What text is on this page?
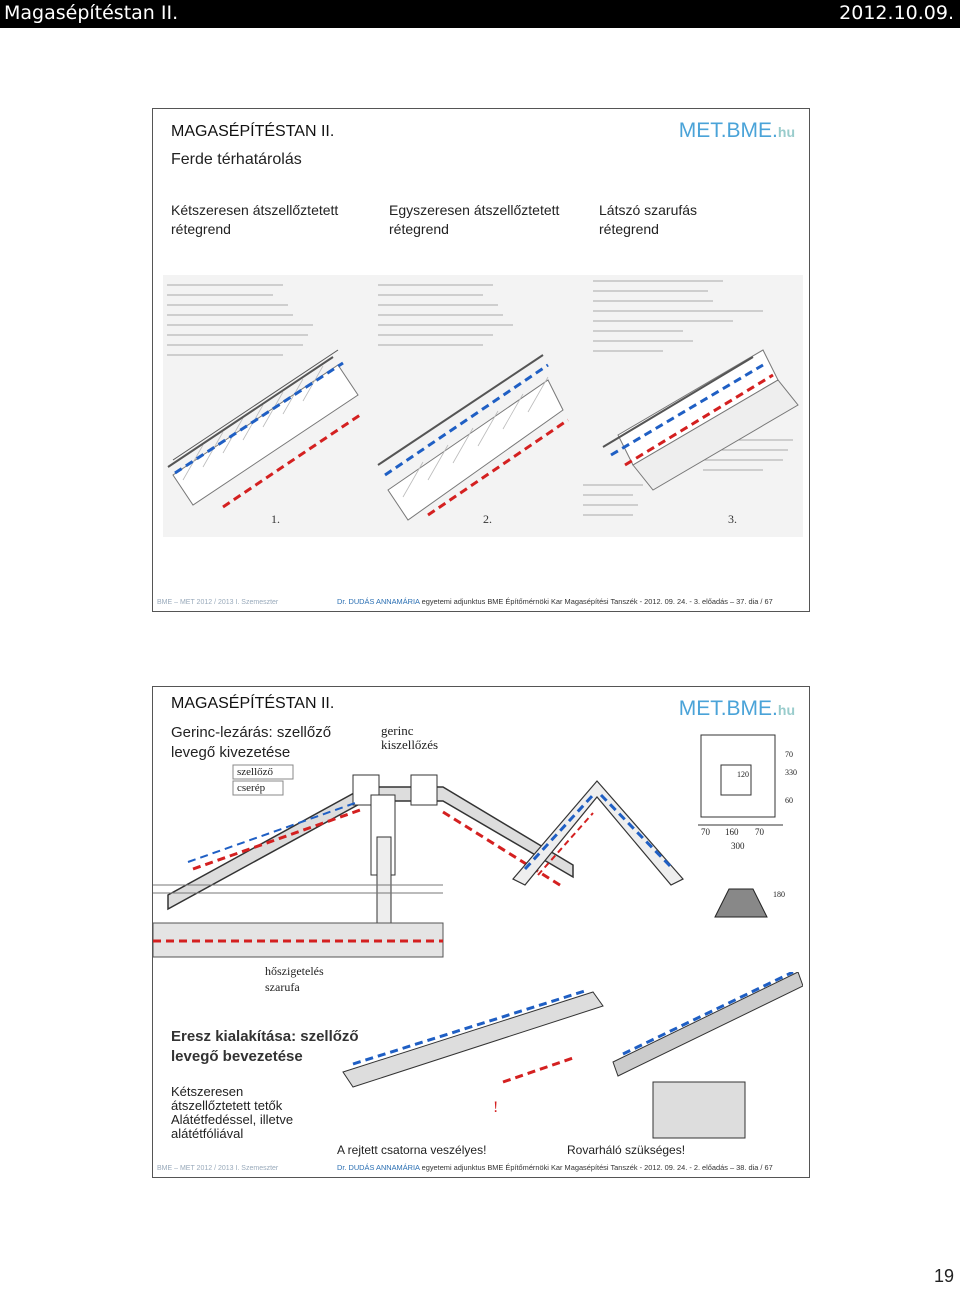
Magasépítéstan II.	2012.10.09.
MAGASÉPÍTÉSTAN II.	MET.BME.hu
Ferde térhatárolás
Kétszeresen átszellőztetett
rétegrend
Egyszeresen átszellőztetett
rétegrend
Látszó szarufás
rétegrend
1.	2.	3.
BME – MET 2012 / 2013 I. Szemeszter	Dr. DUDÁS ANNAMÁRIA egyetemi adjunktus BME Építőmérnöki Kar Magasépítési Tanszék - 2012. 09. 24. - 3. előadás – 37. dia / 67
MAGASÉPÍTÉSTAN II.	MET.BME.hu
Gerinc-lezárás: szellőző
levegő kivezetése
gerinc
kiszellőzés
szellőző
cserép
120
70 160 70
300
70
330
60
180
hőszigetelés
szarufa
Eresz kialakítása: szellőző
levegő bevezetése
Kétszeresen
átszellőztetett tetők
Alátétfedéssel, illetve
alátétfóliával
!
A rejtett csatorna veszélyes!	Rovarháló szükséges!
BME – MET 2012 / 2013 I. Szemeszter	Dr. DUDÁS ANNAMÁRIA egyetemi adjunktus BME Építőmérnöki Kar Magasépítési Tanszék - 2012. 09. 24. - 2. előadás – 38. dia / 67
19
